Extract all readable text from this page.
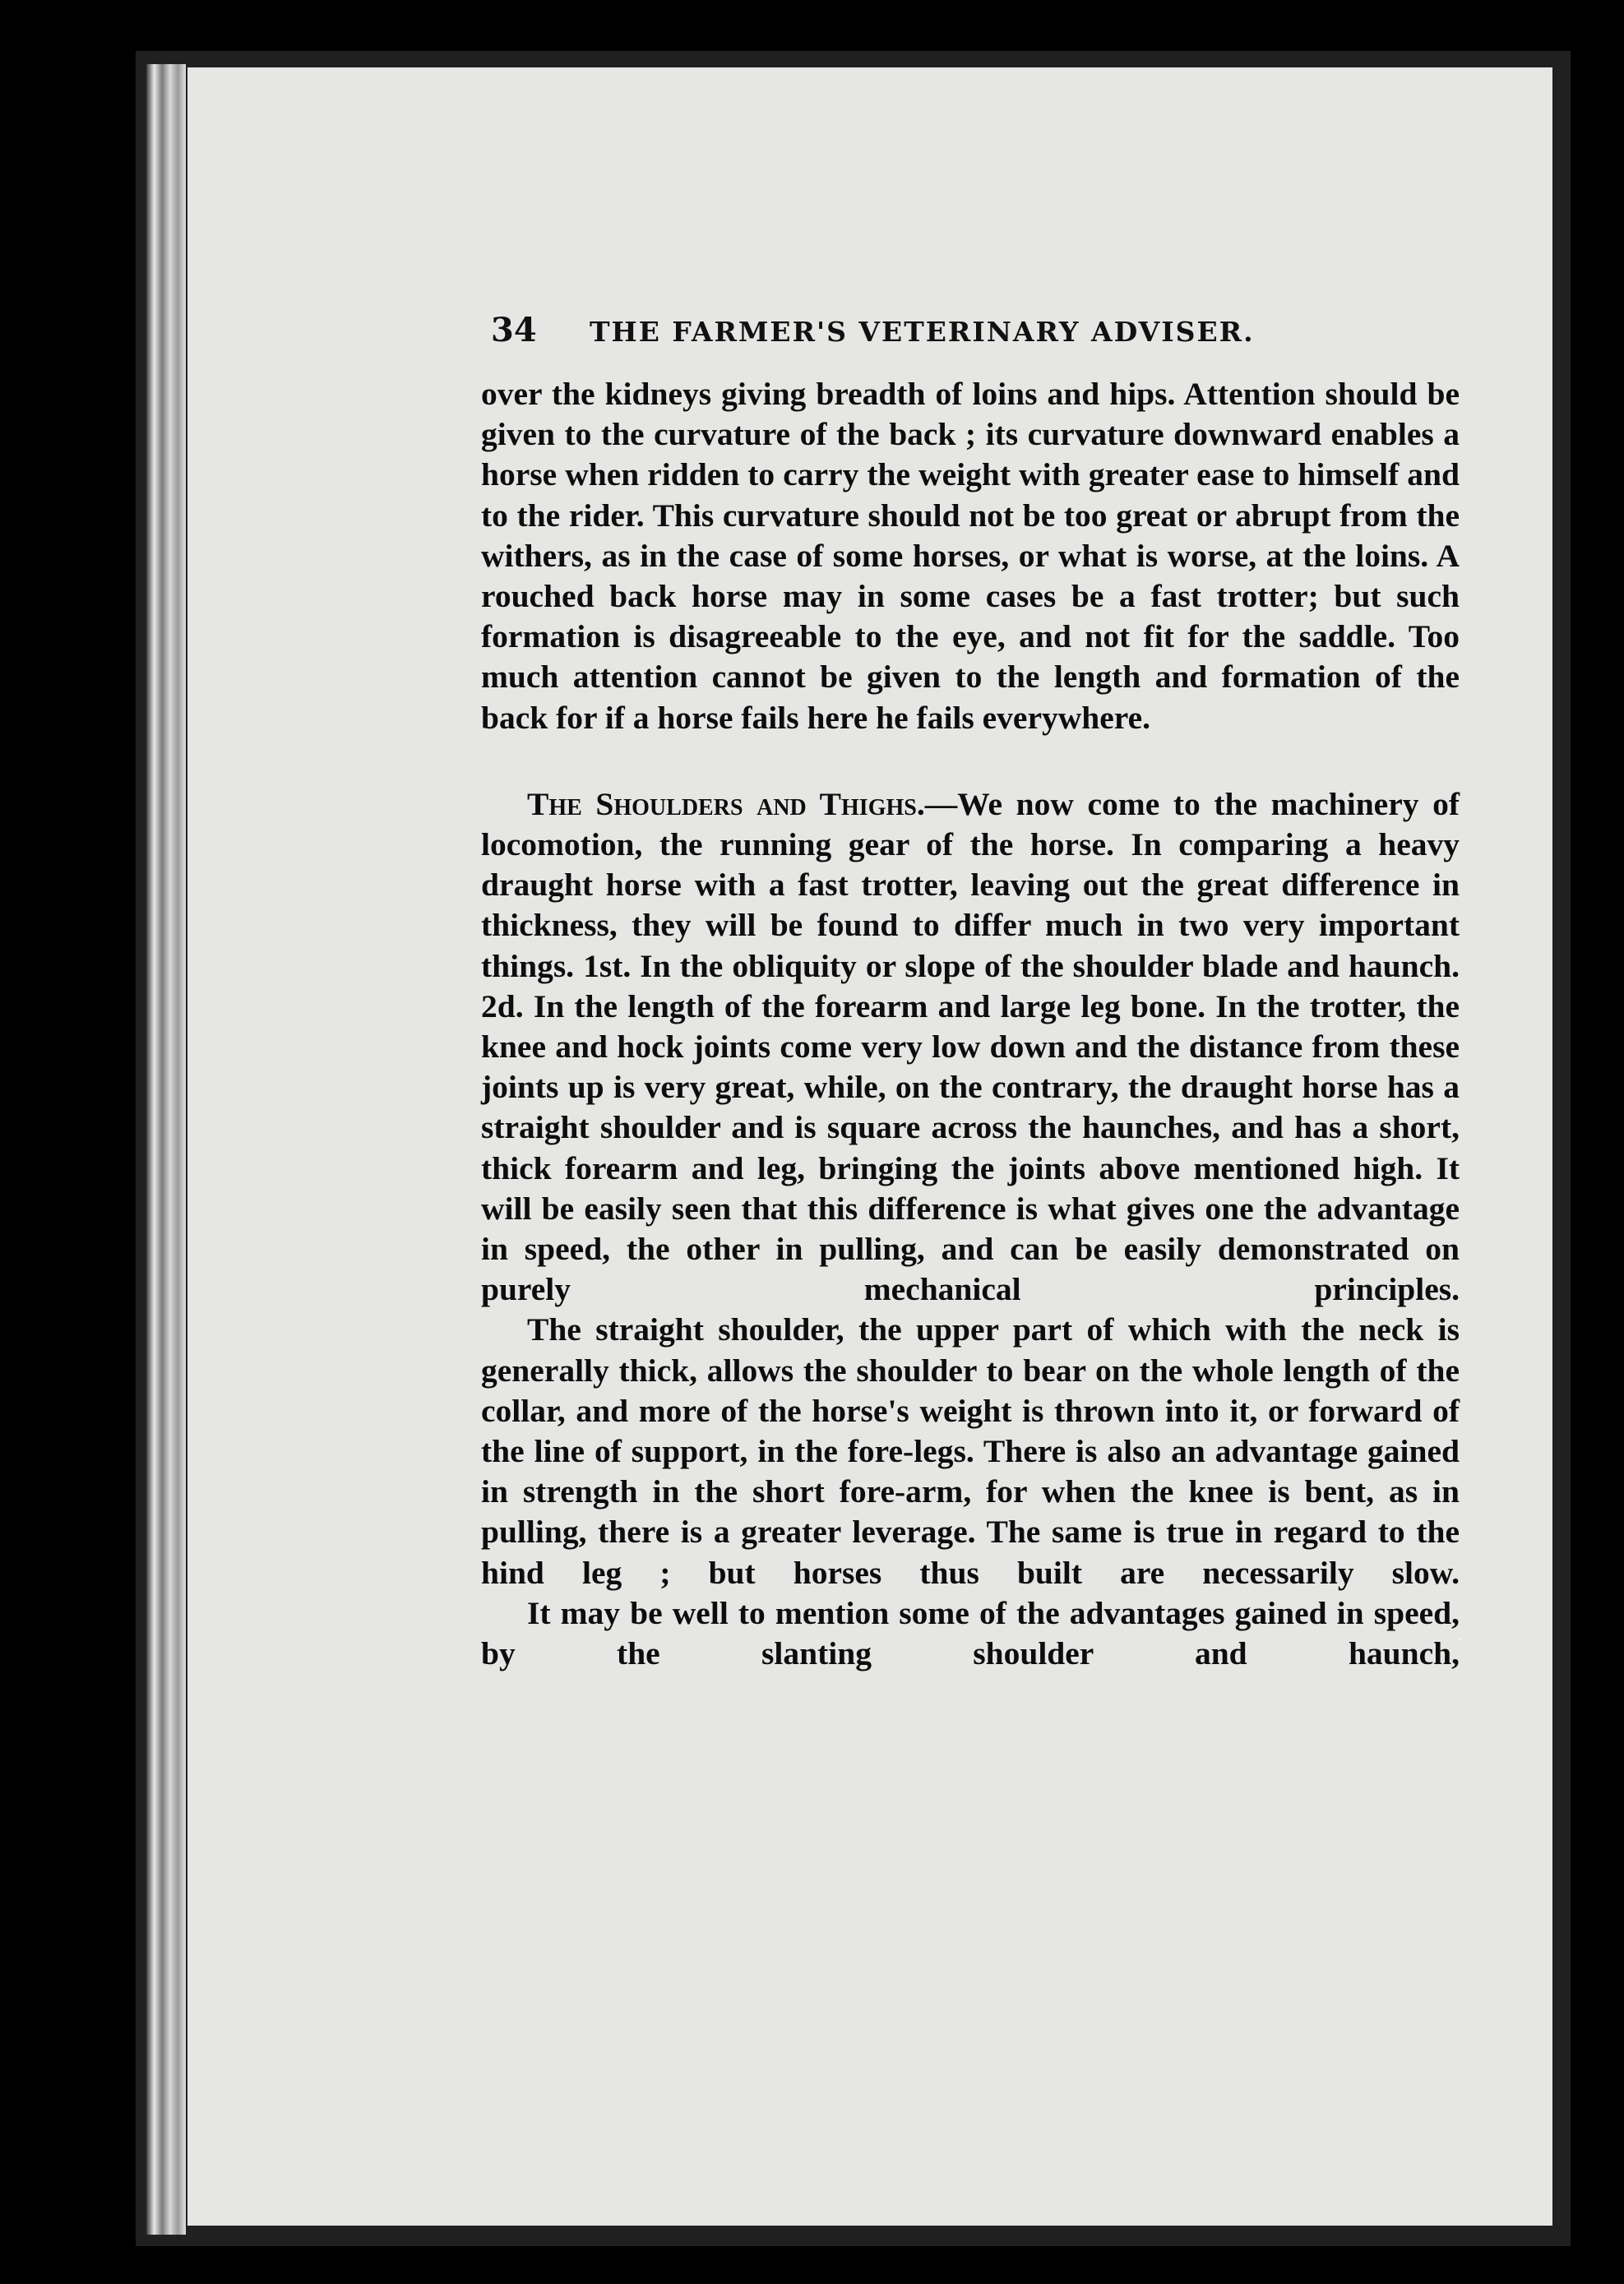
34	THE FARMER'S VETERINARY ADVISER.

over the kidneys giving breadth of loins and hips. Attention should be given to the curvature of the back ; its curvature downward enables a horse when ridden to carry the weight with greater ease to himself and to the rider. This curvature should not be too great or abrupt from the withers, as in the case of some horses, or what is worse, at the loins. A rouched back horse may in some cases be a fast trotter; but such formation is disagreeable to the eye, and not fit for the saddle. Too much attention cannot be given to the length and formation of the back for if a horse fails here he fails everywhere.

The Shoulders and Thighs.—We now come to the machinery of locomotion, the running gear of the horse. In comparing a heavy draught horse with a fast trotter, leaving out the great difference in thickness, they will be found to differ much in two very important things. 1st. In the obliquity or slope of the shoulder blade and haunch. 2d. In the length of the forearm and large leg bone. In the trotter, the knee and hock joints come very low down and the distance from these joints up is very great, while, on the contrary, the draught horse has a straight shoulder and is square across the haunches, and has a short, thick forearm and leg, bringing the joints above mentioned high. It will be easily seen that this difference is what gives one the advantage in speed, the other in pulling, and can be easily demonstrated on purely mechanical principles.

The straight shoulder, the upper part of which with the neck is generally thick, allows the shoulder to bear on the whole length of the collar, and more of the horse's weight is thrown into it, or forward of the line of support, in the fore-legs. There is also an advantage gained in strength in the short fore-arm, for when the knee is bent, as in pulling, there is a greater leverage. The same is true in regard to the hind leg ; but horses thus built are necessarily slow.

It may be well to mention some of the advantages gained in speed, by the slanting shoulder and haunch,
